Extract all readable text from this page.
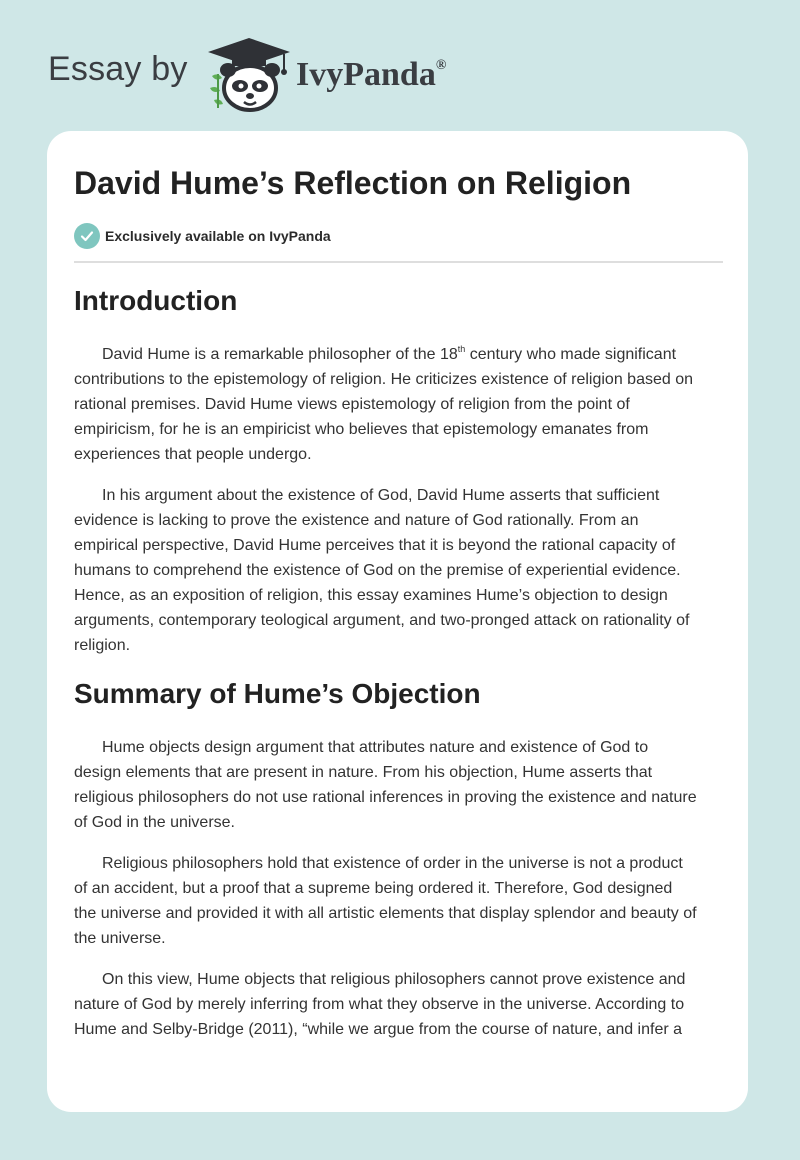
Essay by	IvyPanda®
David Hume’s Reflection on Religion
Exclusively available on IvyPanda
Introduction
David Hume is a remarkable philosopher of the 18th century who made significant
contributions to the epistemology of religion. He criticizes existence of religion based on
rational premises. David Hume views epistemology of religion from the point of
empiricism, for he is an empiricist who believes that epistemology emanates from
experiences that people undergo.
In his argument about the existence of God, David Hume asserts that sufficient
evidence is lacking to prove the existence and nature of God rationally. From an
empirical perspective, David Hume perceives that it is beyond the rational capacity of
humans to comprehend the existence of God on the premise of experiential evidence.
Hence, as an exposition of religion, this essay examines Hume’s objection to design
arguments, contemporary teological argument, and two-pronged attack on rationality of
religion.
Summary of Hume’s Objection
Hume objects design argument that attributes nature and existence of God to
design elements that are present in nature. From his objection, Hume asserts that
religious philosophers do not use rational inferences in proving the existence and nature
of God in the universe.
Religious philosophers hold that existence of order in the universe is not a product
of an accident, but a proof that a supreme being ordered it. Therefore, God designed
the universe and provided it with all artistic elements that display splendor and beauty of
the universe.
On this view, Hume objects that religious philosophers cannot prove existence and
nature of God by merely inferring from what they observe in the universe. According to
Hume and Selby-Bridge (2011), “while we argue from the course of nature, and infer a
